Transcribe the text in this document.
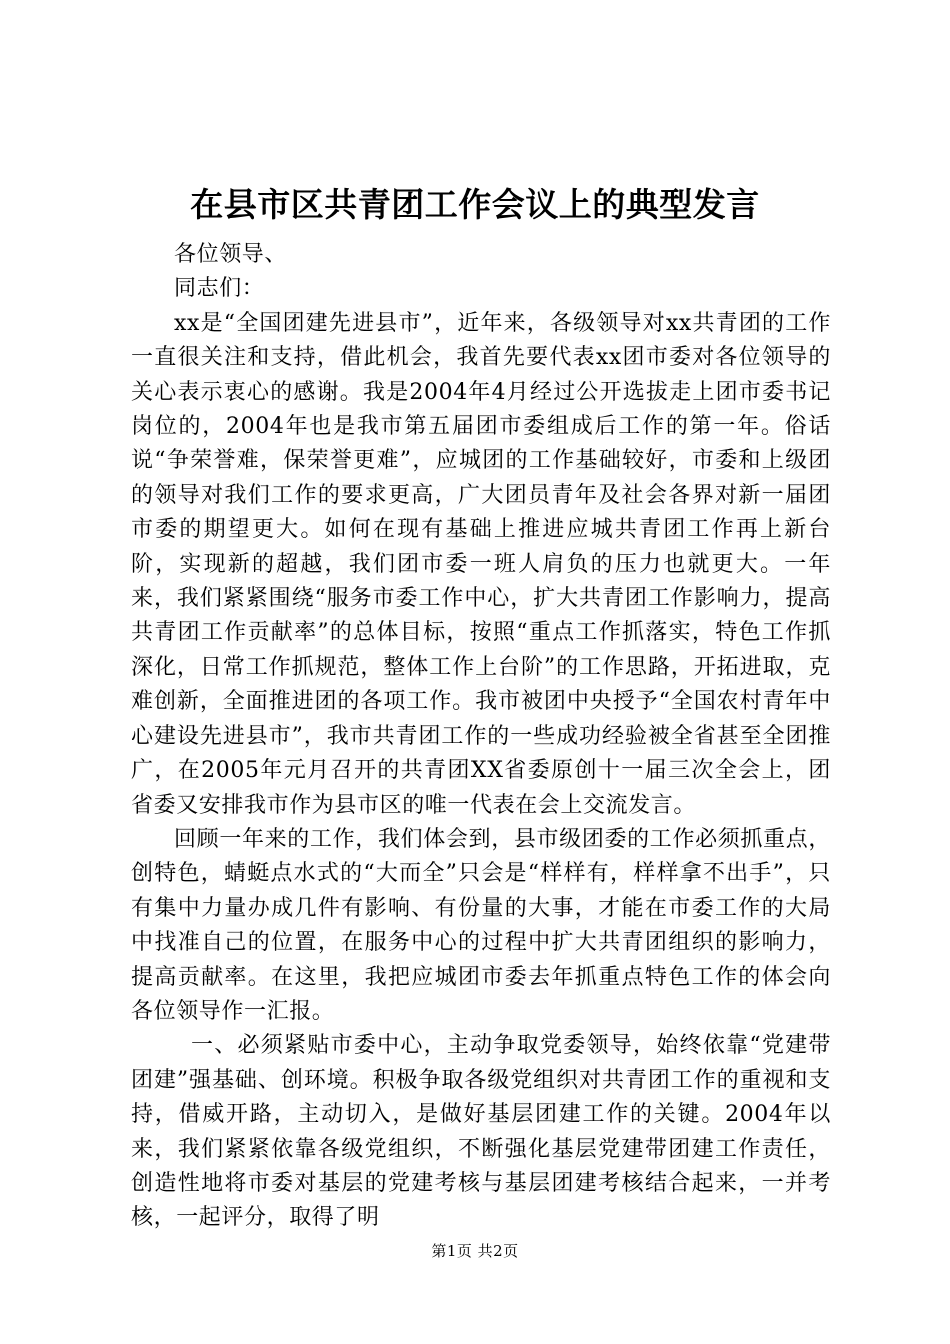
在县市区共青团工作会议上的典型发言

各位领导、

同志们：

xx是“全国团建先进县市”，近年来，各级领导对xx共青团的工作一直很关注和支持，借此机会，我首先要代表xx团市委对各位领导的关心表示衷心的感谢。我是2004年4月经过公开选拔走上团市委书记岗位的，2004年也是我市第五届团市委组成后工作的第一年。俗话说“争荣誉难，保荣誉更难”，应城团的工作基础较好，市委和上级团的领导对我们工作的要求更高，广大团员青年及社会各界对新一届团市委的期望更大。如何在现有基础上推进应城共青团工作再上新台阶，实现新的超越，我们团市委一班人肩负的压力也就更大。一年来，我们紧紧围绕“服务市委工作中心，扩大共青团工作影响力，提高共青团工作贡献率”的总体目标，按照“重点工作抓落实，特色工作抓深化，日常工作抓规范，整体工作上台阶”的工作思路，开拓进取，克难创新，全面推进团的各项工作。我市被团中央授予“全国农村青年中心建设先进县市”，我市共青团工作的一些成功经验被全省甚至全团推广，在2005年元月召开的共青团XX省委原创十一届三次全会上，团省委又安排我市作为县市区的唯一代表在会上交流发言。

回顾一年来的工作，我们体会到，县市级团委的工作必须抓重点，创特色，蜻蜓点水式的“大而全”只会是“样样有，样样拿不出手”，只有集中力量办成几件有影响、有份量的大事，才能在市委工作的大局中找准自己的位置，在服务中心的过程中扩大共青团组织的影响力，提高贡献率。在这里，我把应城团市委去年抓重点特色工作的体会向各位领导作一汇报。

一、必须紧贴市委中心，主动争取党委领导，始终依靠“党建带团建”强基础、创环境。积极争取各级党组织对共青团工作的重视和支持，借威开路，主动切入，是做好基层团建工作的关键。2004年以来，我们紧紧依靠各级党组织，不断强化基层党建带团建工作责任，创造性地将市委对基层的党建考核与基层团建考核结合起来，一并考核，一起评分，取得了明

第1页 共2页
